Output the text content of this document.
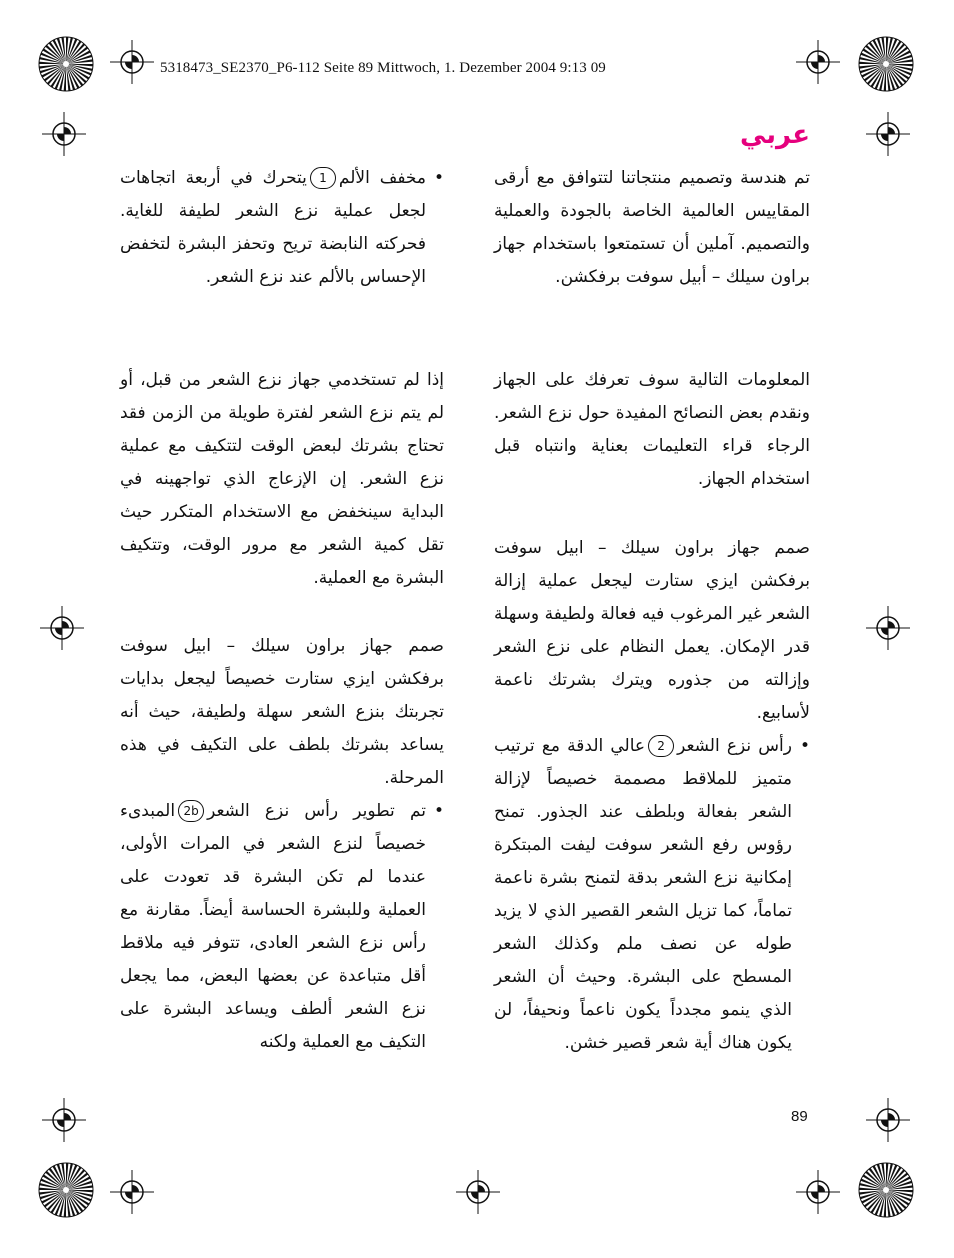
5318473_SE2370_P6-112 Seite 89 Mittwoch, 1. Dezember 2004 9:13 09
عربي

تم هندسة وتصميم منتجاتنا لتتوافق مع أرقى المقاييس العالمية الخاصة بالجودة والعملية والتصميم. آملين أن تستمتعوا باستخدام جهاز براون سيلك – أبيل سوفت برفكشن.

المعلومات التالية سوف تعرفك على الجهاز ونقدم بعض النصائح المفيدة حول نزع الشعر. الرجاء قراء التعليمات بعناية وانتباه قبل استخدام الجهاز.

صمم جهاز براون سيلك – ابيل سوفت برفكشن ايزي ستارت ليجعل عملية إزالة الشعر غير المرغوب فيه فعالة ولطيفة وسهلة قدر الإمكان. يعمل النظام على نزع الشعر وإزالته من جذوره ويترك بشرتك ناعمة لأسابيع.

• رأس نزع الشعر2عالي الدقة مع ترتيب متميز للملاقط مصممة خصيصاً لإزالة الشعر بفعالة وبلطف عند الجذور. تمنح رؤوس رفع الشعر سوفت ليفت المبتكرة إمكانية نزع الشعر بدقة لتمنح بشرة ناعمة تماماً، كما تزيل الشعر القصير الذي لا يزيد طوله عن نصف ملم وكذلك الشعر المسطح على البشرة. وحيث أن الشعر الذي ينمو مجدداً يكون ناعماً ونحيفاً، لن يكون هناك أية شعر قصير خشن.
• مخفف الألم1يتحرك في أربعة اتجاهات لجعل عملية نزع الشعر لطيفة للغاية. فحركته النابضة تريح وتحفز البشرة لتخفض الإحساس بالألم عند نزع الشعر.

إذا لم تستخدمي جهاز نزع الشعر من قبل، أو لم يتم نزع الشعر لفترة طويلة من الزمن فقد تحتاج بشرتك لبعض الوقت لتتكيف مع عملية نزع الشعر. إن الإزعاج الذي تواجهينه في البداية سينخفض مع الاستخدام المتكرر حيث تقل كمية الشعر مع مرور الوقت، وتتكيف البشرة مع العملية.

صمم جهاز براون سيلك – ابيل سوفت برفكشن ايزي ستارت خصيصاً ليجعل بدايات تجربتك بنزع الشعر سهلة ولطيفة، حيث أنه يساعد بشرتك بلطف على التكيف في هذه المرحلة.

• تم تطوير رأس نزع الشعر2bالمبدىء خصيصاً لنزع الشعر في المرات الأولى، عندما لم تكن البشرة قد تعودت على العملية وللبشرة الحساسة أيضاً. مقارنة مع رأس نزع الشعر العادى، تتوفر فيه ملاقط أقل متباعدة عن بعضها البعض، مما يجعل نزع الشعر ألطف ويساعد البشرة على التكيف مع العملية ولكنه
89
